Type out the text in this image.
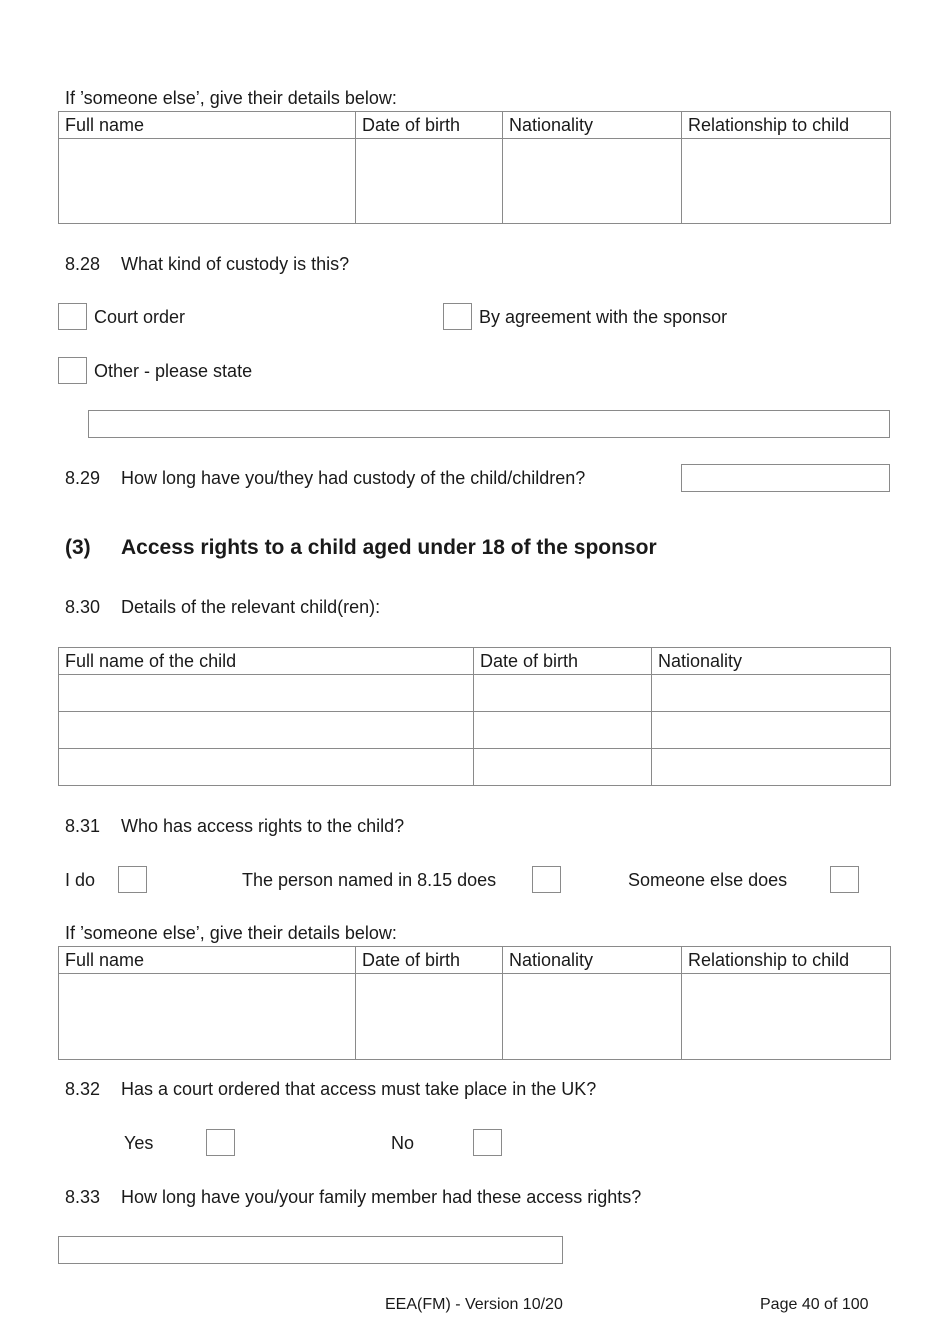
If ’someone else’, give their details below:
Full name	Date of birth	Nationality	Relationship to child

8.28 What kind of custody is this?
Court order	By agreement with the sponsor
Other - please state
8.29 How long have you/they had custody of the child/children?
(3) Access rights to a child aged under 18 of the sponsor
8.30 Details of the relevant child(ren):
Full name of the child	Date of birth	Nationality

8.31 Who has access rights to the child?
I do	The person named in 8.15 does	Someone else does
If ’someone else’, give their details below:
Full name	Date of birth	Nationality	Relationship to child

8.32 Has a court ordered that access must take place in the UK?
Yes	No
8.33 How long have you/your family member had these access rights?
EEA(FM) - Version 10/20	Page 40 of 100
